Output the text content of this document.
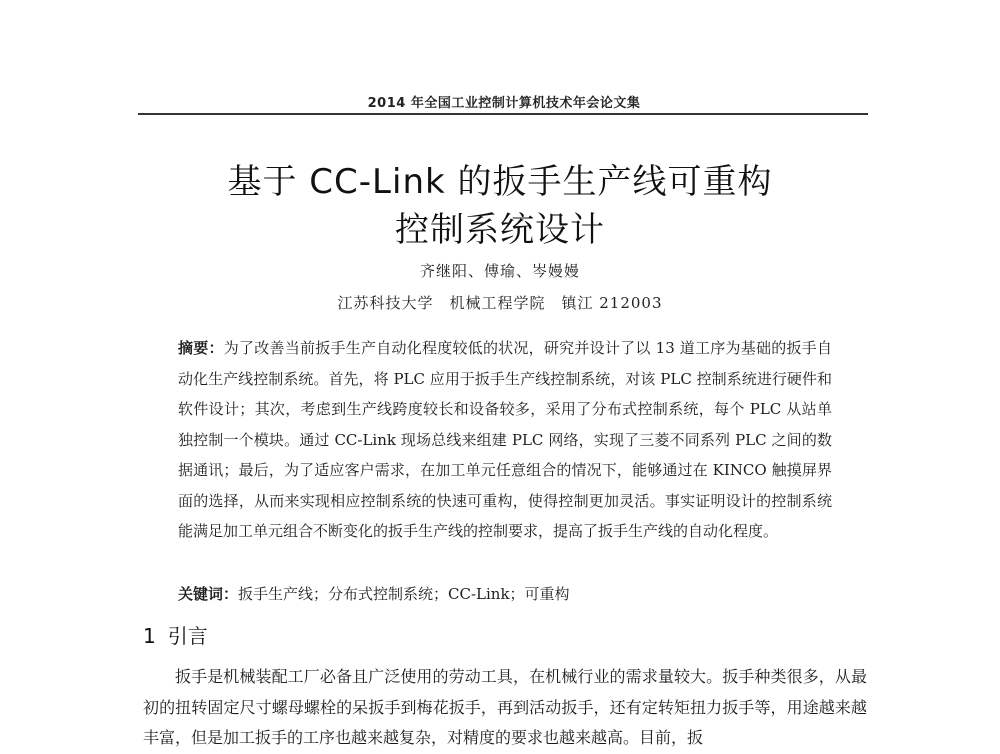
2014 年全国工业控制计算机技术年会论文集
基于 CC-Link 的扳手生产线可重构
控制系统设计
齐继阳、傅瑜、岑嫚嫚
江苏科技大学　机械工程学院　镇江 212003
摘要：为了改善当前扳手生产自动化程度较低的状况，研究并设计了以 13 道工序为基础的扳手自动化生产线控制系统。首先，将 PLC 应用于扳手生产线控制系统，对该 PLC 控制系统进行硬件和软件设计；其次，考虑到生产线跨度较长和设备较多，采用了分布式控制系统，每个 PLC 从站单独控制一个模块。通过 CC-Link 现场总线来组建 PLC 网络，实现了三菱不同系列 PLC 之间的数据通讯；最后，为了适应客户需求，在加工单元任意组合的情况下，能够通过在 KINCO 触摸屏界面的选择，从而来实现相应控制系统的快速可重构，使得控制更加灵活。事实证明设计的控制系统能满足加工单元组合不断变化的扳手生产线的控制要求，提高了扳手生产线的自动化程度。
关键词：扳手生产线；分布式控制系统；CC-Link；可重构
1 引言
扳手是机械装配工厂必备且广泛使用的劳动工具，在机械行业的需求量较大。扳手种类很多，从最初的扭转固定尺寸螺母螺栓的呆扳手到梅花扳手，再到活动扳手，还有定转矩扭力扳手等，用途越来越丰富，但是加工扳手的工序也越来越复杂，对精度的要求也越来越高。目前，扳
